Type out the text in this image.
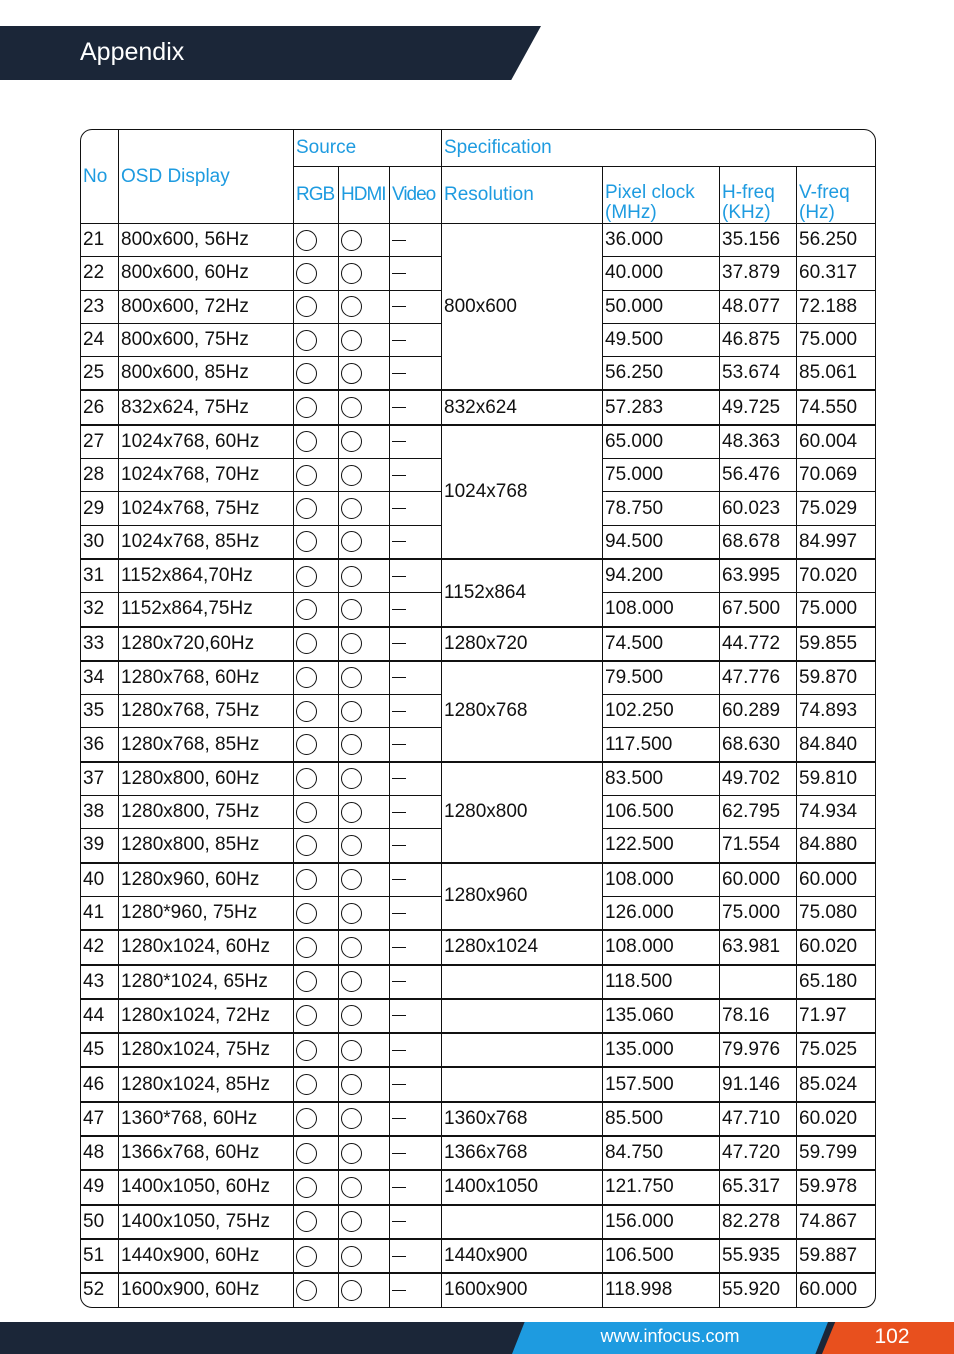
Appendix
No	OSD Display	Source			Specification			
		RGB	HDMI	Video	Resolution	Pixel clock (MHz)	H-freq (KHz)	V-freq (Hz)
21	800x600, 56Hz				800x600	36.000	35.156	56.250
22	800x600, 60Hz					40.000	37.879	60.317
23	800x600, 72Hz					50.000	48.077	72.188
24	800x600, 75Hz					49.500	46.875	75.000
25	800x600, 85Hz					56.250	53.674	85.061
26	832x624, 75Hz				832x624	57.283	49.725	74.550
27	1024x768, 60Hz				1024x768	65.000	48.363	60.004
28	1024x768, 70Hz					75.000	56.476	70.069
29	1024x768, 75Hz					78.750	60.023	75.029
30	1024x768, 85Hz					94.500	68.678	84.997
31	1152x864,70Hz				1152x864	94.200	63.995	70.020
32	1152x864,75Hz					108.000	67.500	75.000
33	1280x720,60Hz				1280x720	74.500	44.772	59.855
34	1280x768, 60Hz				1280x768	79.500	47.776	59.870
35	1280x768, 75Hz					102.250	60.289	74.893
36	1280x768, 85Hz					117.500	68.630	84.840
37	1280x800, 60Hz				1280x800	83.500	49.702	59.810
38	1280x800, 75Hz					106.500	62.795	74.934
39	1280x800, 85Hz					122.500	71.554	84.880
40	1280x960, 60Hz				1280x960	108.000	60.000	60.000
41	1280*960, 75Hz					126.000	75.000	75.080
42	1280x1024, 60Hz				1280x1024	108.000	63.981	60.020
43	1280*1024, 65Hz					118.500		65.180
44	1280x1024, 72Hz					135.060	78.16	71.97
45	1280x1024, 75Hz					135.000	79.976	75.025
46	1280x1024, 85Hz					157.500	91.146	85.024
47	1360*768, 60Hz				1360x768	85.500	47.710	60.020
48	1366x768, 60Hz				1366x768	84.750	47.720	59.799
49	1400x1050, 60Hz				1400x1050	121.750	65.317	59.978
50	1400x1050, 75Hz					156.000	82.278	74.867
51	1440x900, 60Hz				1440x900	106.500	55.935	59.887
52	1600x900, 60Hz				1600x900	118.998	55.920	60.000
www.infocus.com	102
